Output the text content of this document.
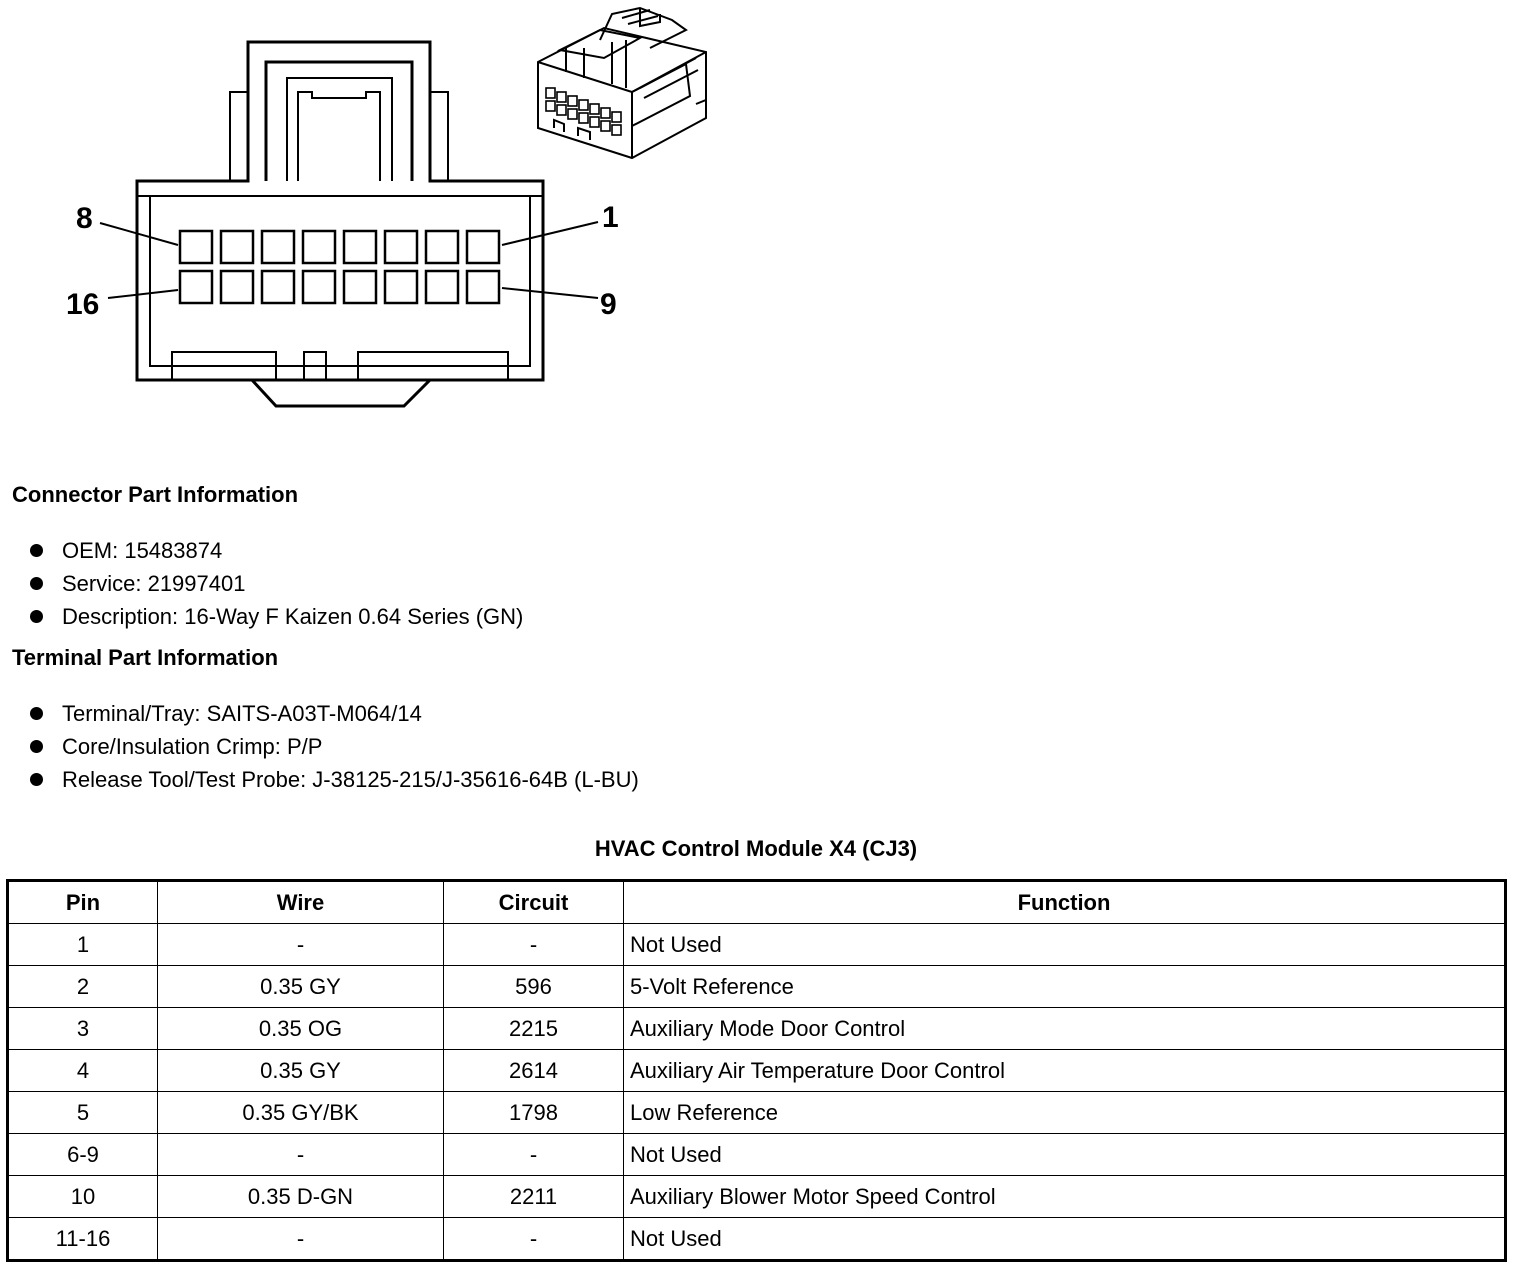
8	1
16	9
Connector Part Information
OEM: 15483874
Service: 21997401
Description: 16-Way F Kaizen 0.64 Series (GN)
Terminal Part Information
Terminal/Tray: SAITS-A03T-M064/14
Core/Insulation Crimp: P/P
Release Tool/Test Probe: J-38125-215/J-35616-64B (L-BU)
HVAC Control Module X4 (CJ3)
Pin	Wire	Circuit	Function
1	-	-	Not Used
2	0.35 GY	596	5-Volt Reference
3	0.35 OG	2215	Auxiliary Mode Door Control
4	0.35 GY	2614	Auxiliary Air Temperature Door Control
5	0.35 GY/BK	1798	Low Reference
6-9	-	-	Not Used
10	0.35 D-GN	2211	Auxiliary Blower Motor Speed Control
11-16	-	-	Not Used
